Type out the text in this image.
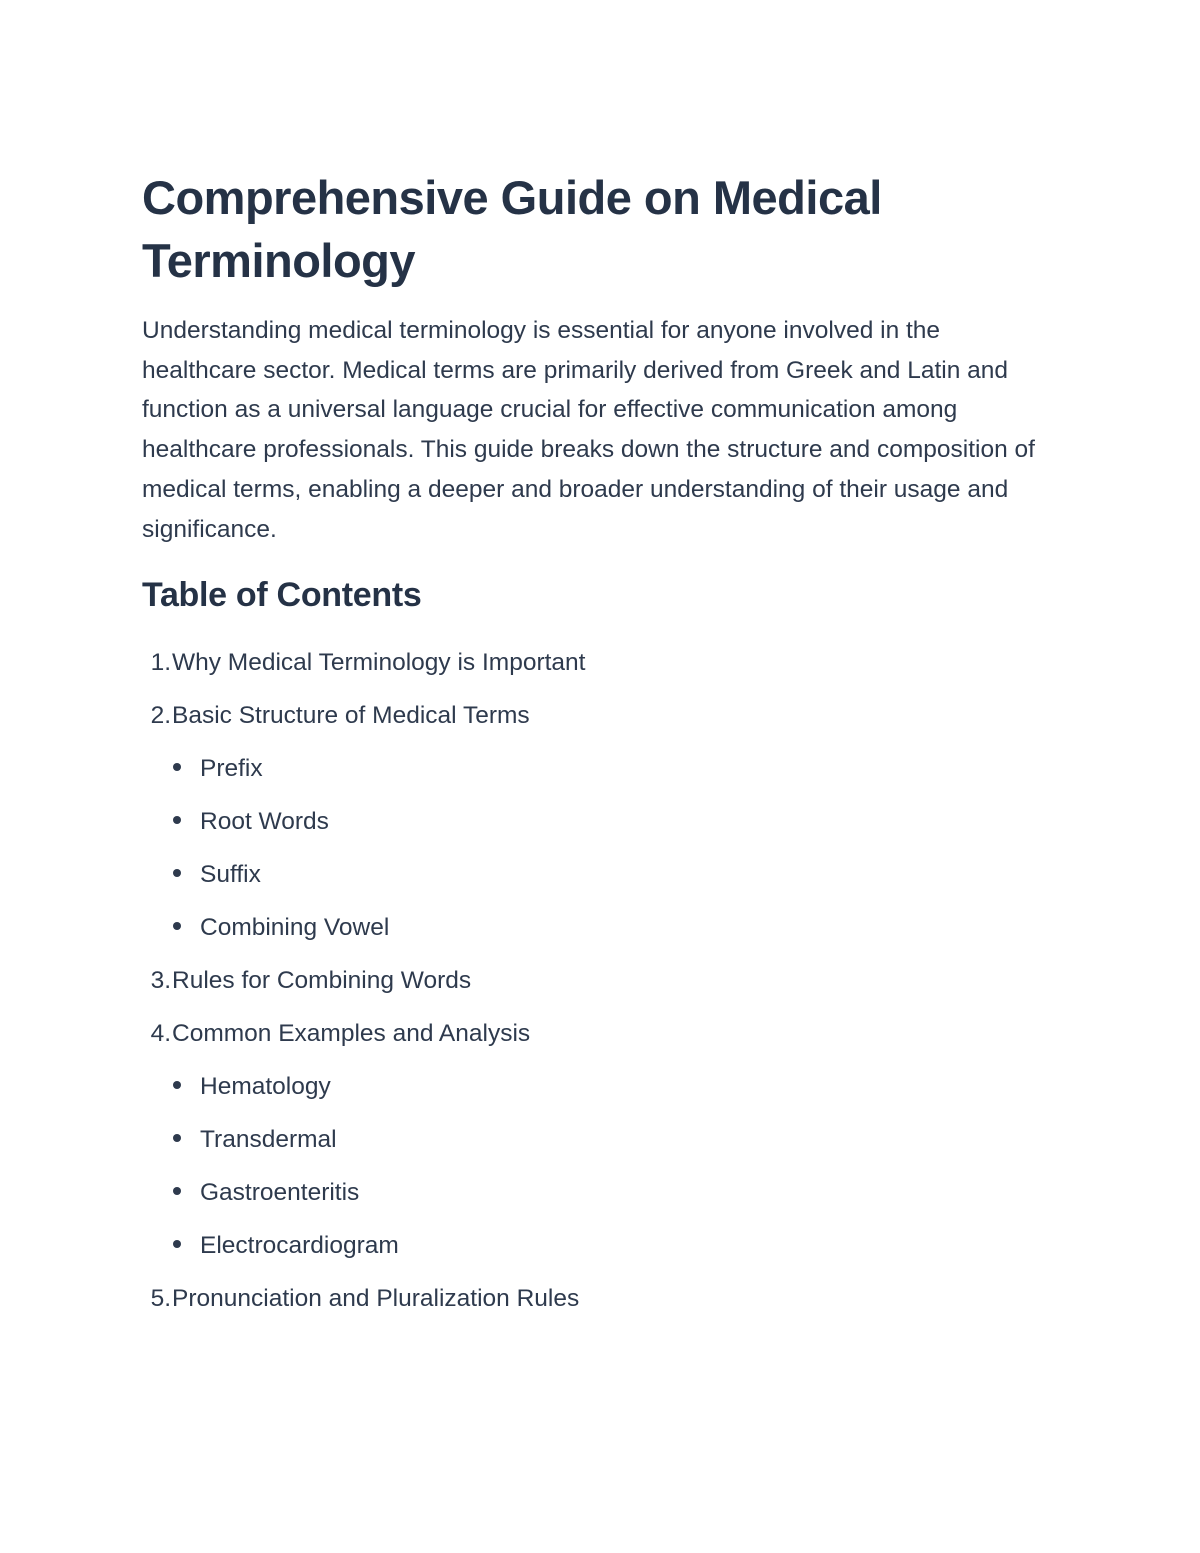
Comprehensive Guide on Medical Terminology

Understanding medical terminology is essential for anyone involved in the healthcare sector. Medical terms are primarily derived from Greek and Latin and function as a universal language crucial for effective communication among healthcare professionals. This guide breaks down the structure and composition of medical terms, enabling a deeper and broader understanding of their usage and significance.

Table of Contents
1. Why Medical Terminology is Important
2. Basic Structure of Medical Terms
Prefix
Root Words
Suffix
Combining Vowel
3. Rules for Combining Words
4. Common Examples and Analysis
Hematology
Transdermal
Gastroenteritis
Electrocardiogram
5. Pronunciation and Pluralization Rules
